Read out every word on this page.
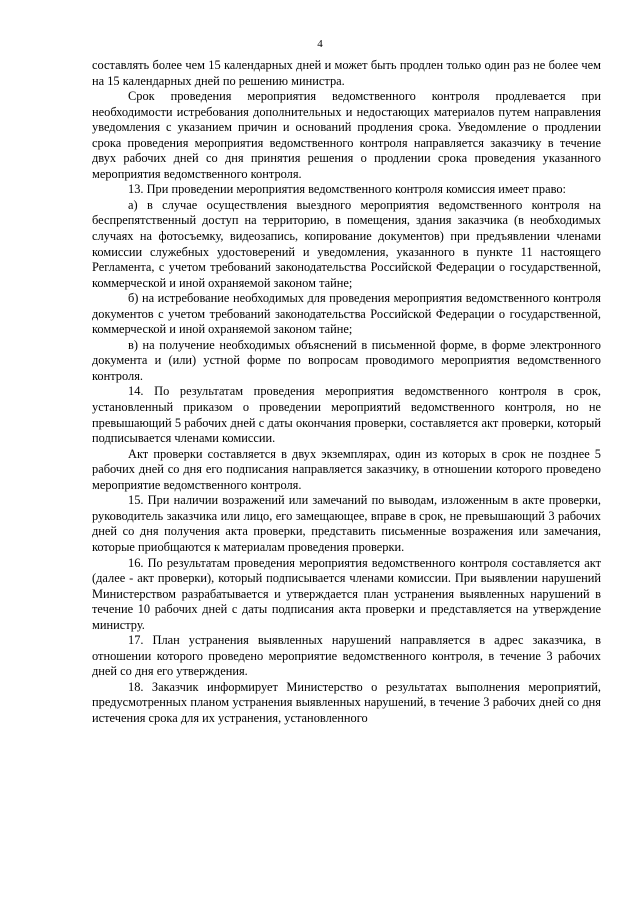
4

составлять более чем 15 календарных дней и может быть продлен только один раз не более чем на 15 календарных дней по решению министра.

Срок проведения мероприятия ведомственного контроля продлевается при необходимости истребования дополнительных и недостающих материалов путем направления уведомления с указанием причин и оснований продления срока. Уведомление о продлении срока проведения мероприятия ведомственного контроля направляется заказчику в течение двух рабочих дней со дня принятия решения о продлении срока проведения указанного мероприятия ведомственного контроля.

13. При проведении мероприятия ведомственного контроля комиссия имеет право:

а) в случае осуществления выездного мероприятия ведомственного контроля на беспрепятственный доступ на территорию, в помещения, здания заказчика (в необходимых случаях на фотосъемку, видеозапись, копирование документов) при предъявлении членами комиссии служебных удостоверений и уведомления, указанного в пункте 11 настоящего Регламента, с учетом требований законодательства Российской Федерации о государственной, коммерческой и иной охраняемой законом тайне;

б) на истребование необходимых для проведения мероприятия ведомственного контроля документов с учетом требований законодательства Российской Федерации о государственной, коммерческой и иной охраняемой законом тайне;

в) на получение необходимых объяснений в письменной форме, в форме электронного документа и (или) устной форме по вопросам проводимого мероприятия ведомственного контроля.

14. По результатам проведения мероприятия ведомственного контроля в срок, установленный приказом о проведении мероприятий ведомственного контроля, но не превышающий 5 рабочих дней с даты окончания проверки, составляется акт проверки, который подписывается членами комиссии.

Акт проверки составляется в двух экземплярах, один из которых в срок не позднее 5 рабочих дней со дня его подписания направляется заказчику, в отношении которого проведено мероприятие ведомственного контроля.

15. При наличии возражений или замечаний по выводам, изложенным в акте проверки, руководитель заказчика или лицо, его замещающее, вправе в срок, не превышающий 3 рабочих дней со дня получения акта проверки, представить письменные возражения или замечания, которые приобщаются к материалам проведения проверки.

16. По результатам проведения мероприятия ведомственного контроля составляется акт (далее - акт проверки), который подписывается членами комиссии. При выявлении нарушений Министерством разрабатывается и утверждается план устранения выявленных нарушений в течение 10 рабочих дней с даты подписания акта проверки и представляется на утверждение министру.

17. План устранения выявленных нарушений направляется в адрес заказчика, в отношении которого проведено мероприятие ведомственного контроля, в течение 3 рабочих дней со дня его утверждения.

18. Заказчик информирует Министерство о результатах выполнения мероприятий, предусмотренных планом устранения выявленных нарушений, в течение 3 рабочих дней со дня истечения срока для их устранения, установленного
